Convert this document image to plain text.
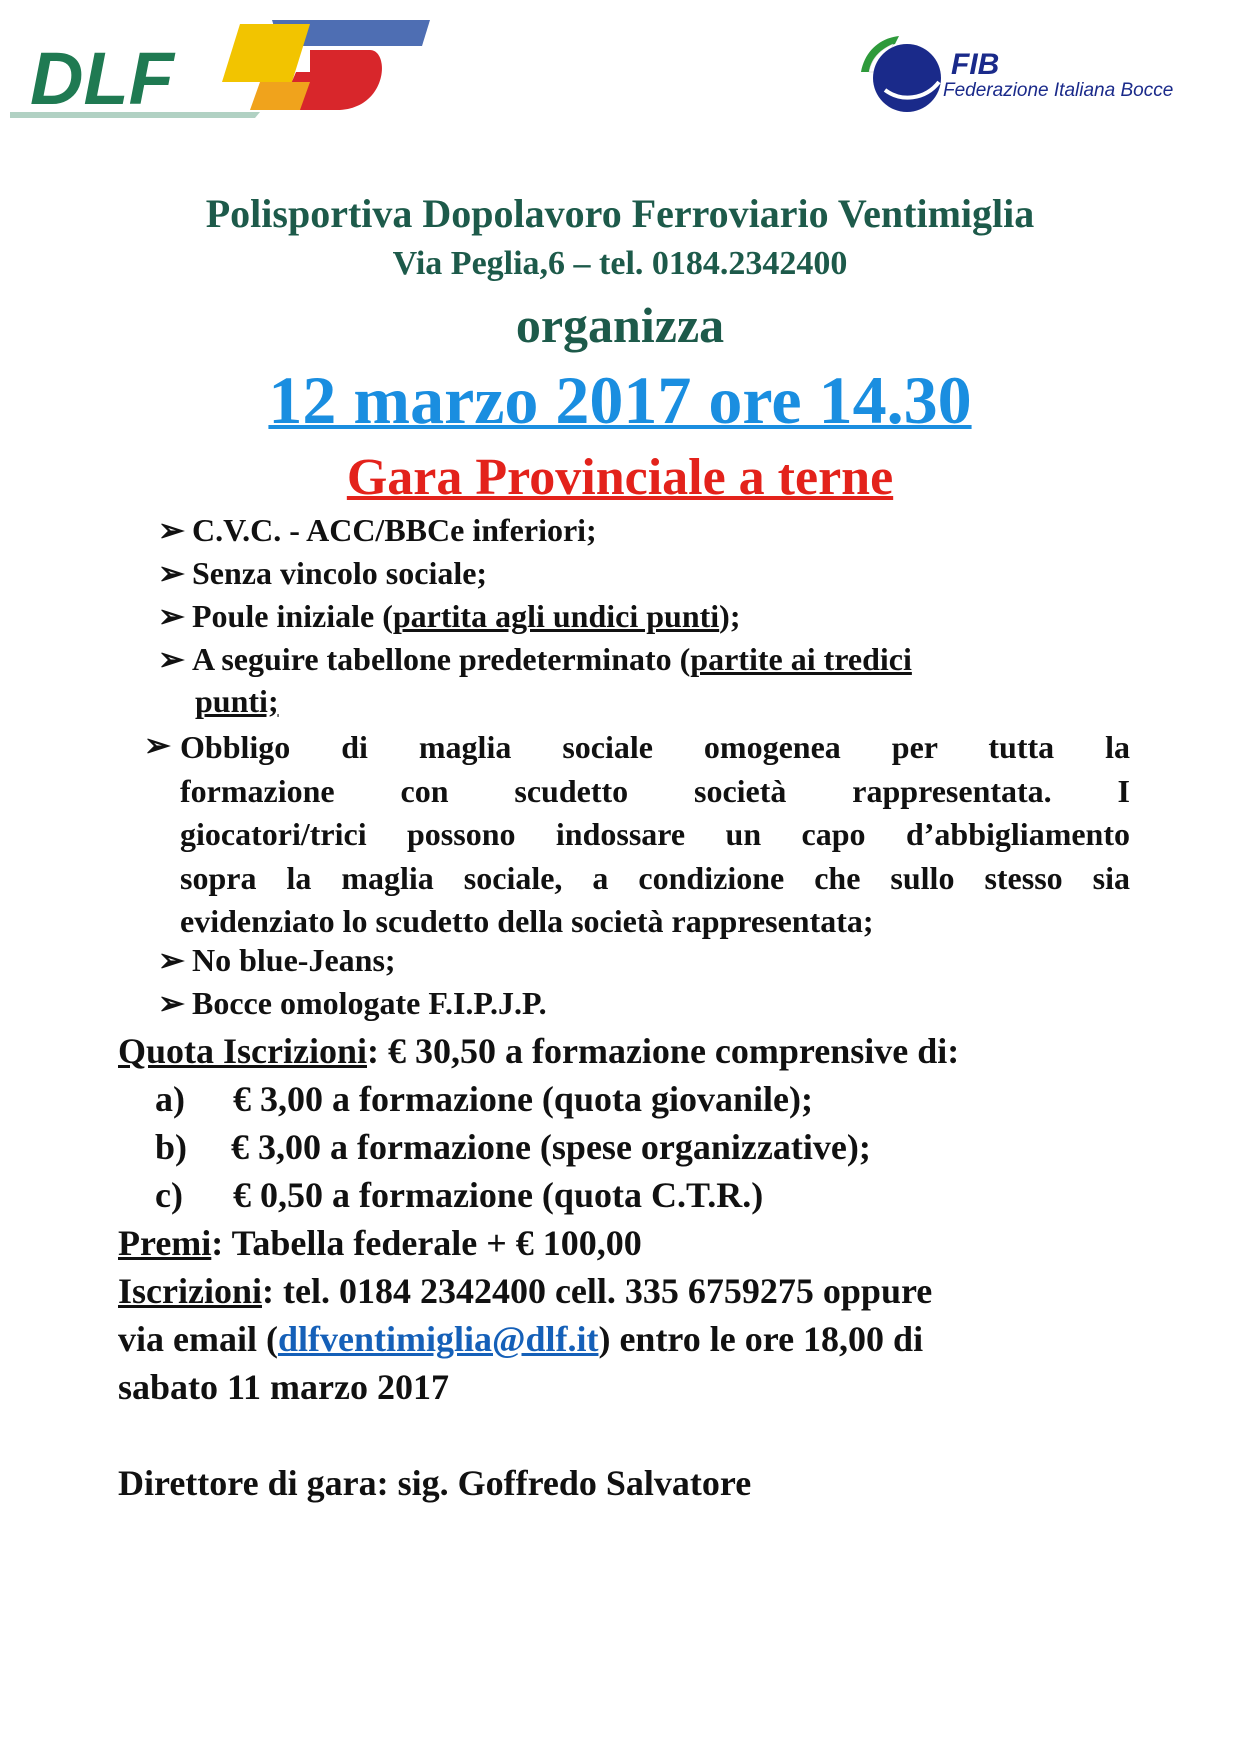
DLF	FIB
Federazione Italiana Bocce
Polisportiva Dopolavoro Ferroviario Ventimiglia
Via Peglia,6 – tel. 0184.2342400
organizza
12 marzo 2017 ore 14.30
Gara Provinciale a terne
➢ C.V.C. - ACC/BBCe inferiori;
➢ Senza vincolo sociale;
➢ Poule iniziale (partita agli undici punti);
➢ A seguire tabellone predeterminato (partite ai tredici
punti;
➢ Obbligo di maglia sociale omogenea per tutta la
formazione con scudetto società rappresentata. I
giocatori/trici possono indossare un capo d’abbigliamento
sopra la maglia sociale, a condizione che sullo stesso sia
evidenziato lo scudetto della società rappresentata;
➢ No blue-Jeans;
➢ Bocce omologate F.I.P.J.P.
Quota Iscrizioni: € 30,50 a formazione comprensive di:
a) € 3,00 a formazione (quota giovanile);
b) € 3,00 a formazione (spese organizzative);
c) € 0,50 a formazione (quota C.T.R.)
Premi: Tabella federale + € 100,00
Iscrizioni: tel. 0184 2342400 cell. 335 6759275 oppure
via email (dlfventimiglia@dlf.it) entro le ore 18,00 di
sabato 11 marzo 2017
Direttore di gara: sig. Goffredo Salvatore
